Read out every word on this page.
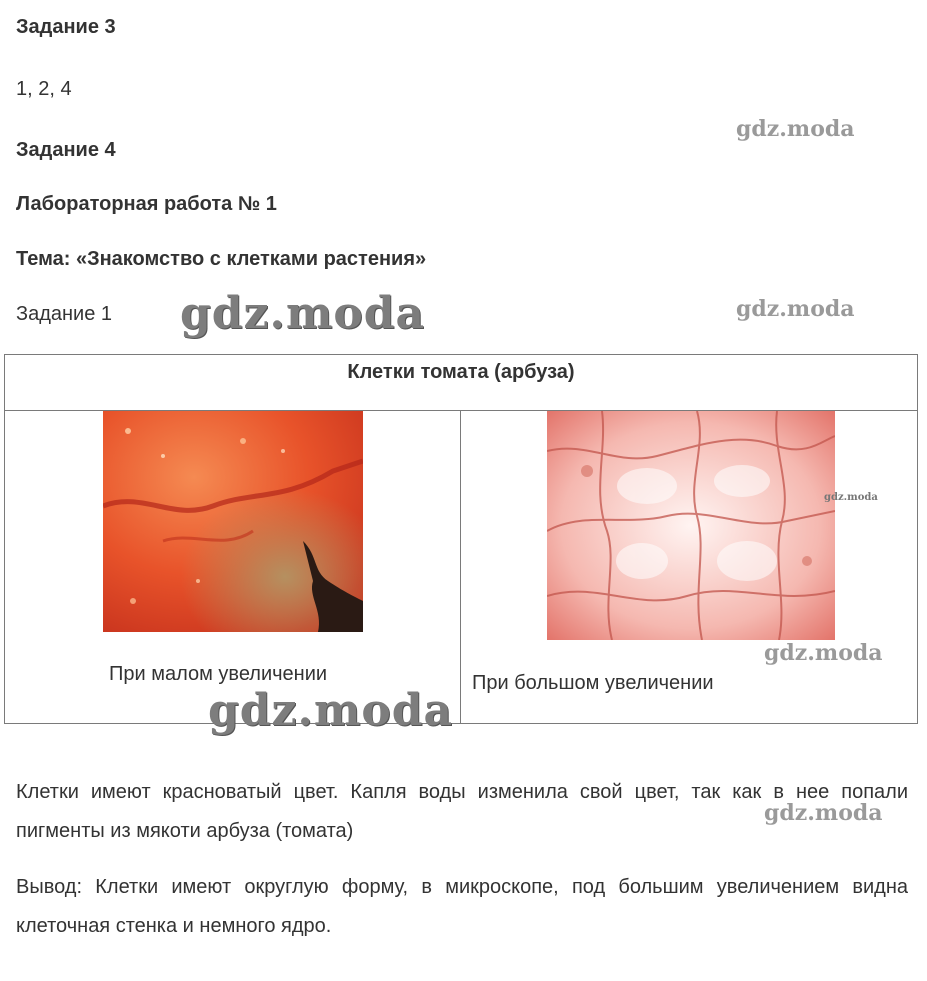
Задание 3
1, 2, 4
Задание 4
Лабораторная работа № 1
Тема: «Знакомство с клетками растения»
Задание 1
Клетки томата (арбуза)
При малом увеличении	При большом увеличении
Клетки имеют красноватый цвет. Капля воды изменила свой цвет, так как в нее попали пигменты из мякоти арбуза (томата)
Вывод: Клетки имеют округлую форму, в микроскопе, под большим увеличением видна клеточная стенка и немного ядро.
gdz.moda
gdz.moda
gdz.moda
gdz.moda
gdz.moda
gdz.moda
gdz.moda
